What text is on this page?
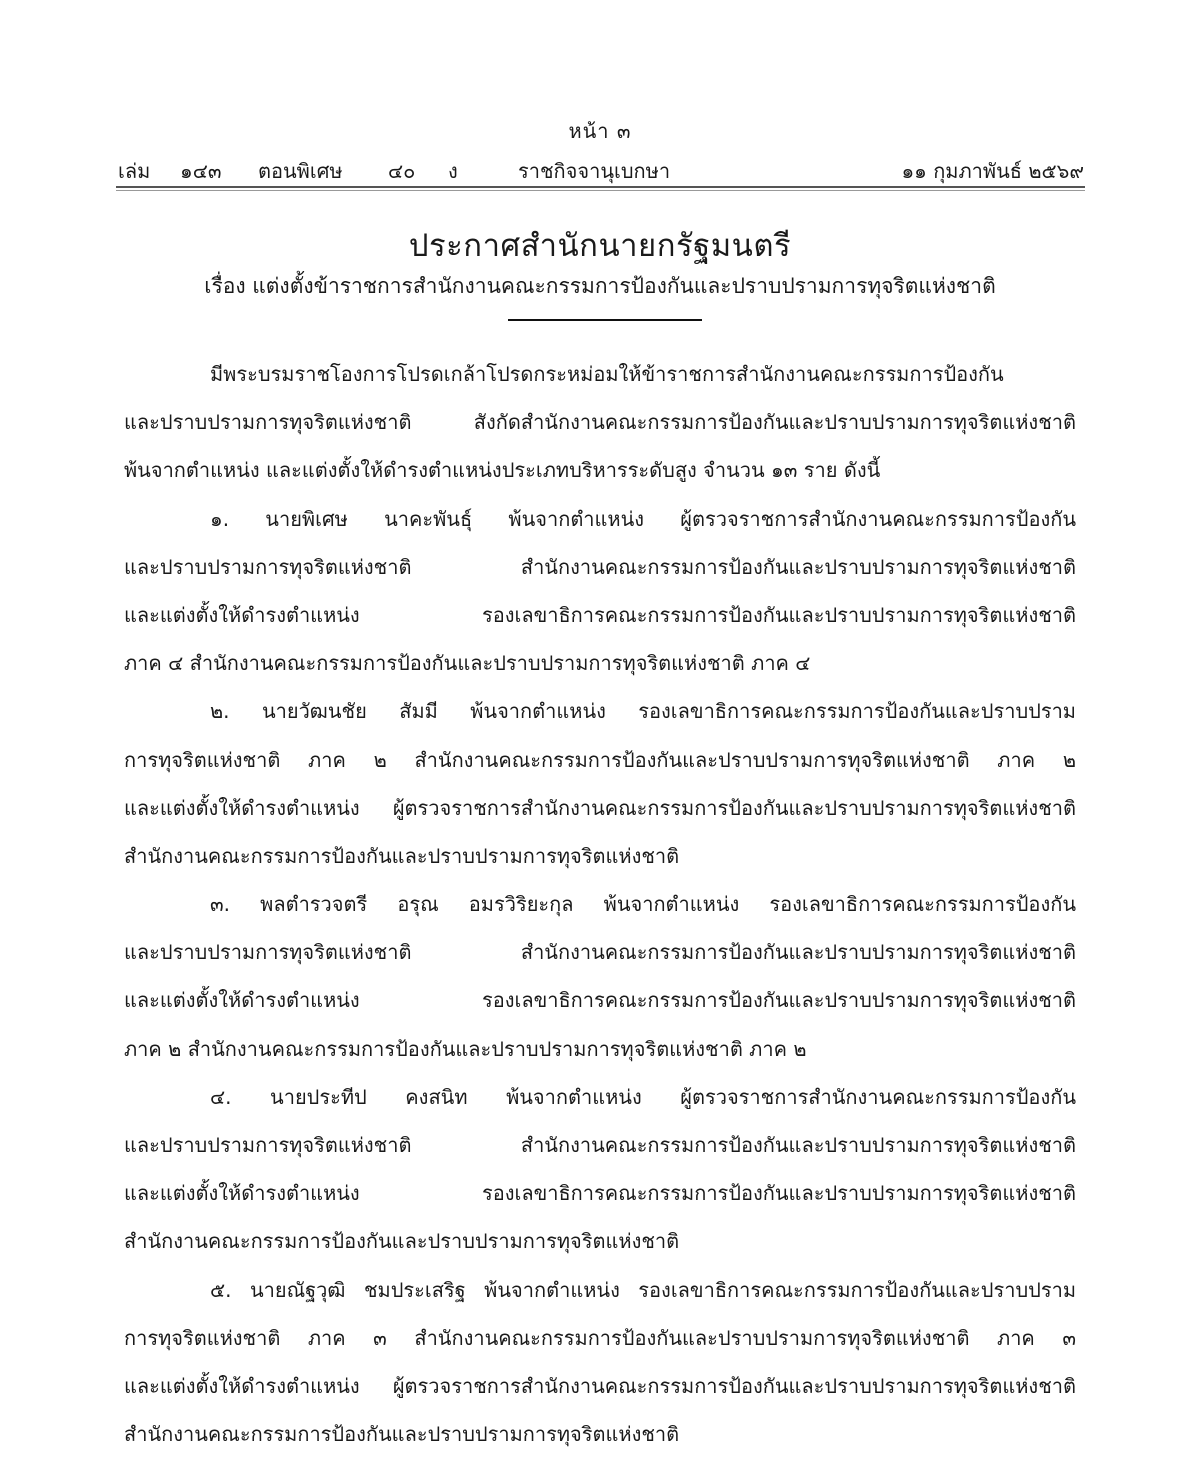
หน้า ๓
เล่ม ๑๔๓ ตอนพิเศษ ๔๐ ง	ราชกิจจานุเบกษา	๑๑ กุมภาพันธ์ ๒๕๖๙
ประกาศสำนักนายกรัฐมนตรี
เรื่อง แต่งตั้งข้าราชการสำนักงานคณะกรรมการป้องกันและปราบปรามการทุจริตแห่งชาติ
มีพระบรมราชโองการโปรดเกล้าโปรดกระหม่อมให้ข้าราชการสำนักงานคณะกรรมการป้องกัน
และปราบปรามการทุจริตแห่งชาติ สังกัดสำนักงานคณะกรรมการป้องกันและปราบปรามการทุจริตแห่งชาติ
พ้นจากตำแหน่ง และแต่งตั้งให้ดำรงตำแหน่งประเภทบริหารระดับสูง จำนวน ๑๓ ราย ดังนี้
๑. นายพิเศษ นาคะพันธุ์ พ้นจากตำแหน่ง ผู้ตรวจราชการสำนักงานคณะกรรมการป้องกัน
และปราบปรามการทุจริตแห่งชาติ สำนักงานคณะกรรมการป้องกันและปราบปรามการทุจริตแห่งชาติ
และแต่งตั้งให้ดำรงตำแหน่ง รองเลขาธิการคณะกรรมการป้องกันและปราบปรามการทุจริตแห่งชาติ
ภาค ๔ สำนักงานคณะกรรมการป้องกันและปราบปรามการทุจริตแห่งชาติ ภาค ๔
๒. นายวัฒนชัย สัมมี พ้นจากตำแหน่ง รองเลขาธิการคณะกรรมการป้องกันและปราบปราม
การทุจริตแห่งชาติ ภาค ๒ สำนักงานคณะกรรมการป้องกันและปราบปรามการทุจริตแห่งชาติ ภาค ๒
และแต่งตั้งให้ดำรงตำแหน่ง ผู้ตรวจราชการสำนักงานคณะกรรมการป้องกันและปราบปรามการทุจริตแห่งชาติ
สำนักงานคณะกรรมการป้องกันและปราบปรามการทุจริตแห่งชาติ
๓. พลตำรวจตรี อรุณ อมรวิริยะกุล พ้นจากตำแหน่ง รองเลขาธิการคณะกรรมการป้องกัน
และปราบปรามการทุจริตแห่งชาติ สำนักงานคณะกรรมการป้องกันและปราบปรามการทุจริตแห่งชาติ
และแต่งตั้งให้ดำรงตำแหน่ง รองเลขาธิการคณะกรรมการป้องกันและปราบปรามการทุจริตแห่งชาติ
ภาค ๒ สำนักงานคณะกรรมการป้องกันและปราบปรามการทุจริตแห่งชาติ ภาค ๒
๔. นายประทีป คงสนิท พ้นจากตำแหน่ง ผู้ตรวจราชการสำนักงานคณะกรรมการป้องกัน
และปราบปรามการทุจริตแห่งชาติ สำนักงานคณะกรรมการป้องกันและปราบปรามการทุจริตแห่งชาติ
และแต่งตั้งให้ดำรงตำแหน่ง รองเลขาธิการคณะกรรมการป้องกันและปราบปรามการทุจริตแห่งชาติ
สำนักงานคณะกรรมการป้องกันและปราบปรามการทุจริตแห่งชาติ
๕. นายณัฐวุฒิ ชมประเสริฐ พ้นจากตำแหน่ง รองเลขาธิการคณะกรรมการป้องกันและปราบปราม
การทุจริตแห่งชาติ ภาค ๓ สำนักงานคณะกรรมการป้องกันและปราบปรามการทุจริตแห่งชาติ ภาค ๓
และแต่งตั้งให้ดำรงตำแหน่ง ผู้ตรวจราชการสำนักงานคณะกรรมการป้องกันและปราบปรามการทุจริตแห่งชาติ
สำนักงานคณะกรรมการป้องกันและปราบปรามการทุจริตแห่งชาติ
